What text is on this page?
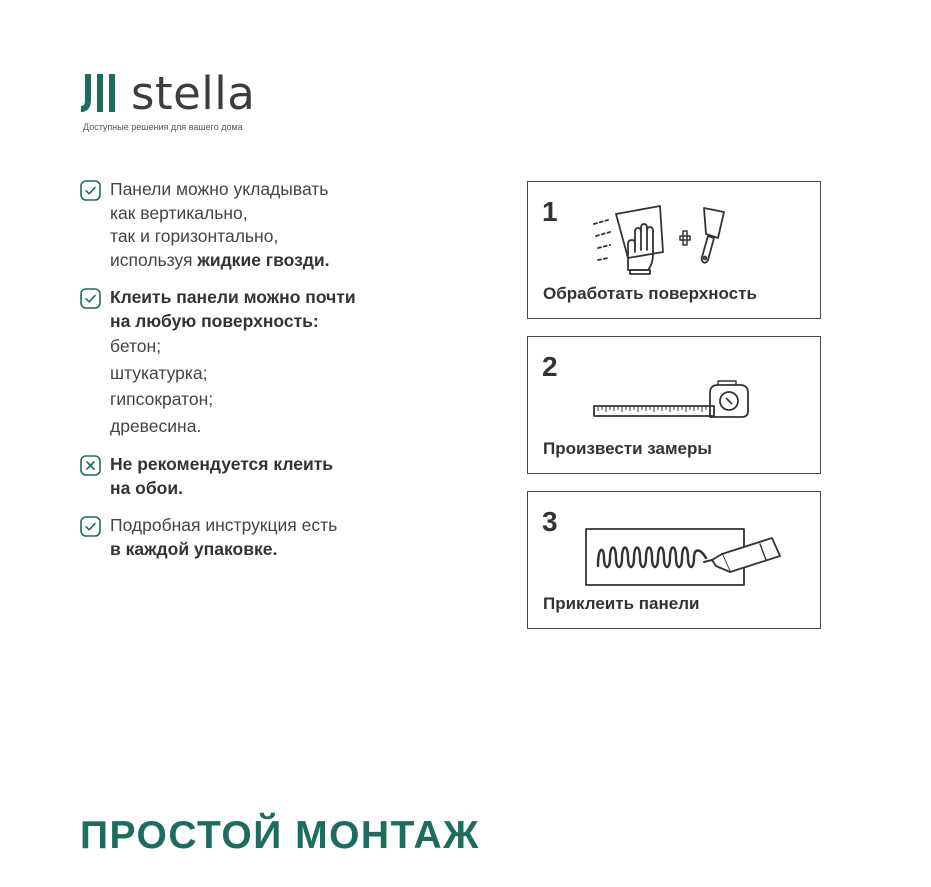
stella
Доступные решения для вашего дома
Панели можно укладывать
как вертикально,
так и горизонтально,
используя жидкие гвозди.
Клеить панели можно почти
на любую поверхность:
бетон;
штукатурка;
гипсократон;
древесина.
Не рекомендуется клеить
на обои.
Подробная инструкция есть
в каждой упаковке.
1
Обработать поверхность
2
Произвести замеры
3
Приклеить панели
ПРОСТОЙ МОНТАЖ
